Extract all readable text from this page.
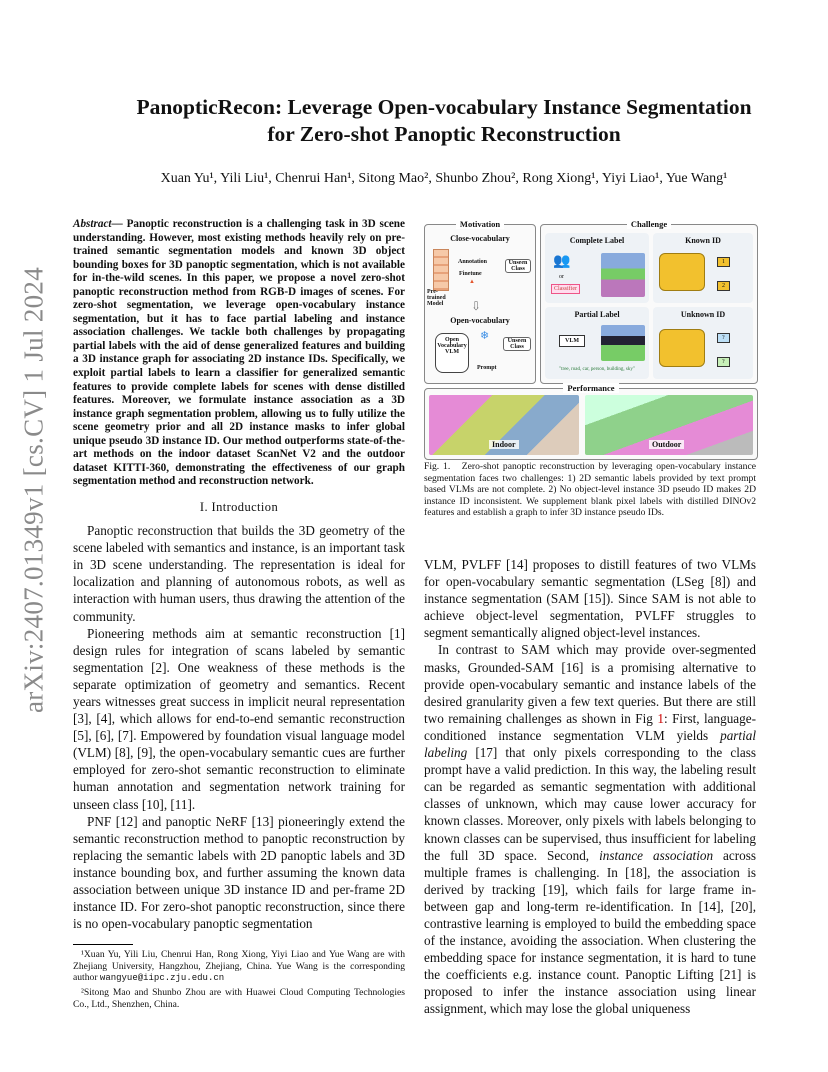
arXiv:2407.01349v1 [cs.CV] 1 Jul 2024
PanopticRecon: Leverage Open-vocabulary Instance Segmentation
for Zero-shot Panoptic Reconstruction

Xuan Yu¹, Yili Liu¹, Chenrui Han¹, Sitong Mao², Shunbo Zhou², Rong Xiong¹, Yiyi Liao¹, Yue Wang¹

Abstract— Panoptic reconstruction is a challenging task in 3D scene understanding. However, most existing methods heavily rely on pre-trained semantic segmentation models and known 3D object bounding boxes for 3D panoptic segmentation, which is not available for in-the-wild scenes. In this paper, we propose a novel zero-shot panoptic reconstruction method from RGB-D images of scenes. For zero-shot segmentation, we leverage open-vocabulary instance segmentation, but it has to face partial labeling and instance association challenges. We tackle both challenges by propagating partial labels with the aid of dense generalized features and building a 3D instance graph for associating 2D instance IDs. Specifically, we exploit partial labels to learn a classifier for generalized semantic features to provide complete labels for scenes with dense distilled features. Moreover, we formulate instance association as a 3D instance graph segmentation problem, allowing us to fully utilize the scene geometry prior and all 2D instance masks to infer global unique pseudo 3D instance ID. Our method outperforms state-of-the-art methods on the indoor dataset ScanNet V2 and the outdoor dataset KITTI-360, demonstrating the effectiveness of our graph segmentation method and reconstruction network.

I. Introduction

Panoptic reconstruction that builds the 3D geometry of the scene labeled with semantics and instance, is an important task in 3D scene understanding. The representation is ideal for localization and planning of autonomous robots, as well as interaction with human users, thus drawing the attention of the community.

Pioneering methods aim at semantic reconstruction [1] design rules for integration of scans labeled by semantic segmentation [2]. One weakness of these methods is the separate optimization of geometry and semantics. Recent years witnesses great success in implicit neural representation [3], [4], which allows for end-to-end semantic reconstruction [5], [6], [7]. Empowered by foundation visual language model (VLM) [8], [9], the open-vocabulary semantic cues are further employed for zero-shot semantic reconstruction to eliminate human annotation and segmentation network training for unseen class [10], [11].

PNF [12] and panoptic NeRF [13] pioneeringly extend the semantic reconstruction method to panoptic reconstruction by replacing the semantic labels with 2D panoptic labels and 3D instance bounding box, and further assuming the known data association between unique 3D instance ID and per-frame 2D instance ID. For zero-shot panoptic reconstruction, since there is no open-vocabulary panoptic segmentation

¹Xuan Yu, Yili Liu, Chenrui Han, Rong Xiong, Yiyi Liao and Yue Wang are with Zhejiang University, Hangzhou, Zhejiang, China. Yue Wang is the corresponding author wangyue@iipc.zju.edu.cn

²Sitong Mao and Shunbo Zhou are with Huawei Cloud Computing Technologies Co., Ltd., Shenzhen, China.

Motivation
Close-vocabulary
Annotation
Finetune
▲
Unseen Class
Pre-trained Model	⇩
Open-vocabulary
Open Vocabulary VLM
❄	Unseen Class
Prompt
Challenge
Complete Label
👥
or
Classifier
Partial Label
VLM
"tree, road, car, person, building, sky"
Known ID
1
2
Unknown ID
?
?
Performance
Indoor	Outdoor

Fig. 1. Zero-shot panoptic reconstruction by leveraging open-vocabulary instance segmentation faces two challenges: 1) 2D semantic labels provided by text prompt based VLMs are not complete. 2) No object-level instance 3D pseudo ID makes 2D instance ID inconsistent. We supplement blank pixel labels with distilled DINOv2 features and establish a graph to infer 3D instance pseudo IDs.

VLM, PVLFF [14] proposes to distill features of two VLMs for open-vocabulary semantic segmentation (LSeg [8]) and instance segmentation (SAM [15]). Since SAM is not able to achieve object-level segmentation, PVLFF struggles to segment semantically aligned object-level instances.

In contrast to SAM which may provide over-segmented masks, Grounded-SAM [16] is a promising alternative to provide open-vocabulary semantic and instance labels of the desired granularity given a few text queries. But there are still two remaining challenges as shown in Fig 1: First, language-conditioned instance segmentation VLM yields partial labeling [17] that only pixels corresponding to the class prompt have a valid prediction. In this way, the labeling result can be regarded as semantic segmentation with additional classes of unknown, which may cause lower accuracy for known classes. Moreover, only pixels with labels belonging to known classes can be supervised, thus insufficient for labeling the full 3D space. Second, instance association across multiple frames is challenging. In [18], the association is derived by tracking [19], which fails for large frame in-between gap and long-term re-identification. In [14], [20], contrastive learning is employed to build the embedding space of the instance, avoiding the association. When clustering the embedding space for instance segmentation, it is hard to tune the coefficients e.g. instance count. Panoptic Lifting [21] is proposed to infer the instance association using linear assignment, which may lose the global uniqueness
